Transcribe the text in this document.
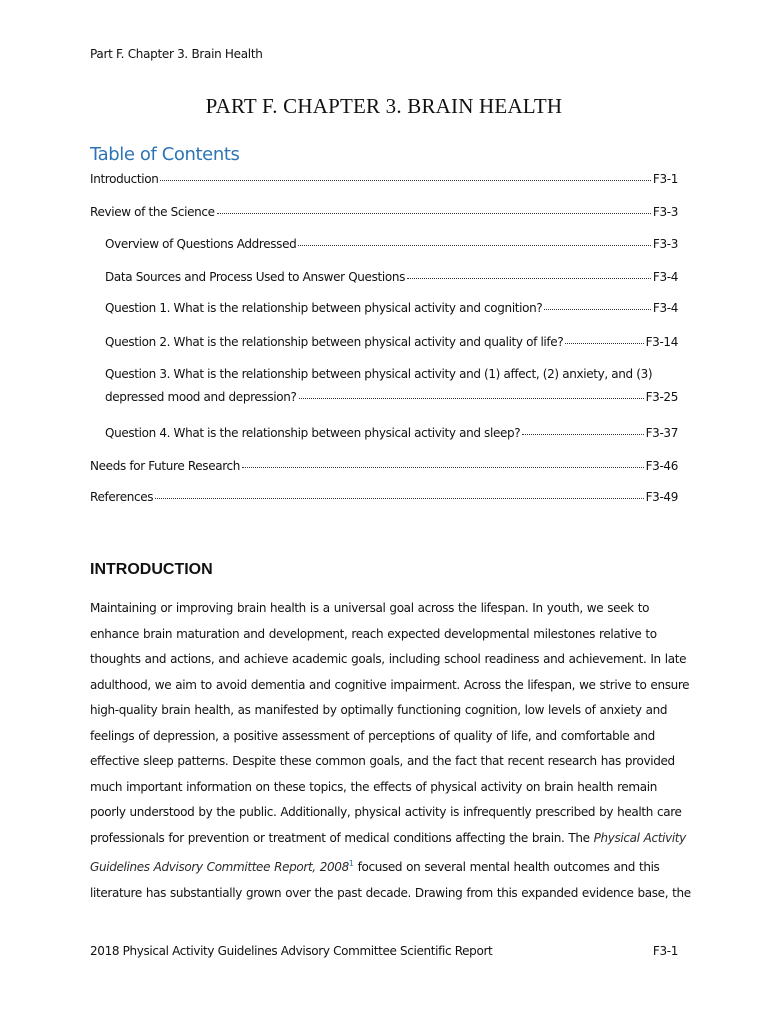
Part F. Chapter 3. Brain Health
PART F. CHAPTER 3. BRAIN HEALTH
Table of Contents
Introduction	F3-1
Review of the Science	F3-3
Overview of Questions Addressed	F3-3
Data Sources and Process Used to Answer Questions	F3-4
Question 1. What is the relationship between physical activity and cognition?	F3-4
Question 2. What is the relationship between physical activity and quality of life?	F3-14
Question 3. What is the relationship between physical activity and (1) affect, (2) anxiety, and (3)
depressed mood and depression?	F3-25
Question 4. What is the relationship between physical activity and sleep?	F3-37
Needs for Future Research	F3-46
References	F3-49
INTRODUCTION
Maintaining or improving brain health is a universal goal across the lifespan. In youth, we seek to
enhance brain maturation and development, reach expected developmental milestones relative to
thoughts and actions, and achieve academic goals, including school readiness and achievement. In late
adulthood, we aim to avoid dementia and cognitive impairment. Across the lifespan, we strive to ensure
high-quality brain health, as manifested by optimally functioning cognition, low levels of anxiety and
feelings of depression, a positive assessment of perceptions of quality of life, and comfortable and
effective sleep patterns. Despite these common goals, and the fact that recent research has provided
much important information on these topics, the effects of physical activity on brain health remain
poorly understood by the public. Additionally, physical activity is infrequently prescribed by health care
professionals for prevention or treatment of medical conditions affecting the brain. The Physical Activity
Guidelines Advisory Committee Report, 2008$^1$ focused on several mental health outcomes and this
literature has substantially grown over the past decade. Drawing from this expanded evidence base, the
2018 Physical Activity Guidelines Advisory Committee Scientific Report	F3-1
